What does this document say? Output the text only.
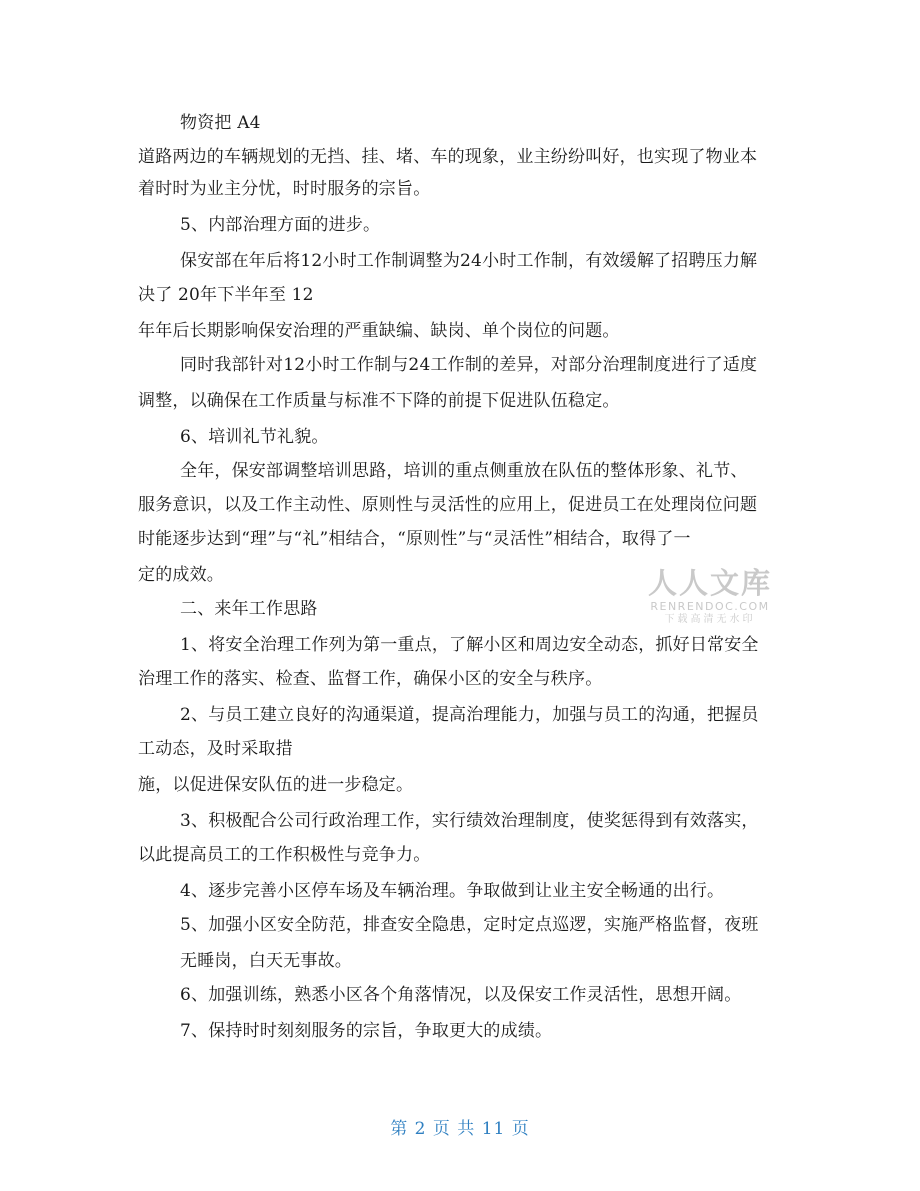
物资把 A4
道路两边的车辆规划的无挡、挂、堵、车的现象，业主纷纷叫好，也实现了物业本
着时时为业主分忧，时时服务的宗旨。
5、内部治理方面的进步。
保安部在年后将12小时工作制调整为24小时工作制，有效缓解了招聘压力解
决了 20年下半年至 12
年年后长期影响保安治理的严重缺编、缺岗、单个岗位的问题。
同时我部针对12小时工作制与24工作制的差异，对部分治理制度进行了适度
调整，以确保在工作质量与标准不下降的前提下促进队伍稳定。
6、培训礼节礼貌。
全年，保安部调整培训思路，培训的重点侧重放在队伍的整体形象、礼节、
服务意识，以及工作主动性、原则性与灵活性的应用上，促进员工在处理岗位问题
时能逐步达到“理”与“礼”相结合，“原则性”与“灵活性”相结合，取得了一
定的成效。
二、来年工作思路
1、将安全治理工作列为第一重点，了解小区和周边安全动态，抓好日常安全
治理工作的落实、检查、监督工作，确保小区的安全与秩序。
2、与员工建立良好的沟通渠道，提高治理能力，加强与员工的沟通，把握员
工动态，及时采取措
施，以促进保安队伍的进一步稳定。
3、积极配合公司行政治理工作，实行绩效治理制度，使奖惩得到有效落实，
以此提高员工的工作积极性与竞争力。
4、逐步完善小区停车场及车辆治理。争取做到让业主安全畅通的出行。
5、加强小区安全防范，排查安全隐患，定时定点巡逻，实施严格监督，夜班
无睡岗，白天无事故。
6、加强训练，熟悉小区各个角落情况，以及保安工作灵活性，思想开阔。
7、保持时时刻刻服务的宗旨，争取更大的成绩。
人人文库
RENRENDOC.COM
下载高清无水印
第 2 页 共 11 页
